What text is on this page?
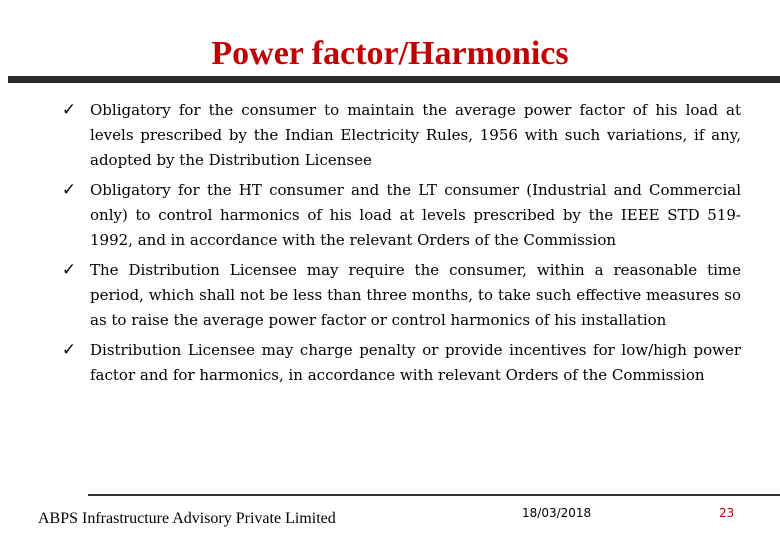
Power factor/Harmonics
✓ Obligatory for the consumer to maintain the average power factor of his load at levels prescribed by the Indian Electricity Rules, 1956 with such variations, if any, adopted by the Distribution Licensee
✓ Obligatory for the HT consumer and the LT consumer (Industrial and Commercial only) to control harmonics of his load at levels prescribed by the IEEE STD 519-1992, and in accordance with the relevant Orders of the Commission
✓ The Distribution Licensee may require the consumer, within a reasonable time period, which shall not be less than three months, to take such effective measures so as to raise the average power factor or control harmonics of his installation
✓ Distribution Licensee may charge penalty or provide incentives for low/high power factor and for harmonics, in accordance with relevant Orders of the Commission
ABPS Infrastructure Advisory Private Limited	18/03/2018	23
